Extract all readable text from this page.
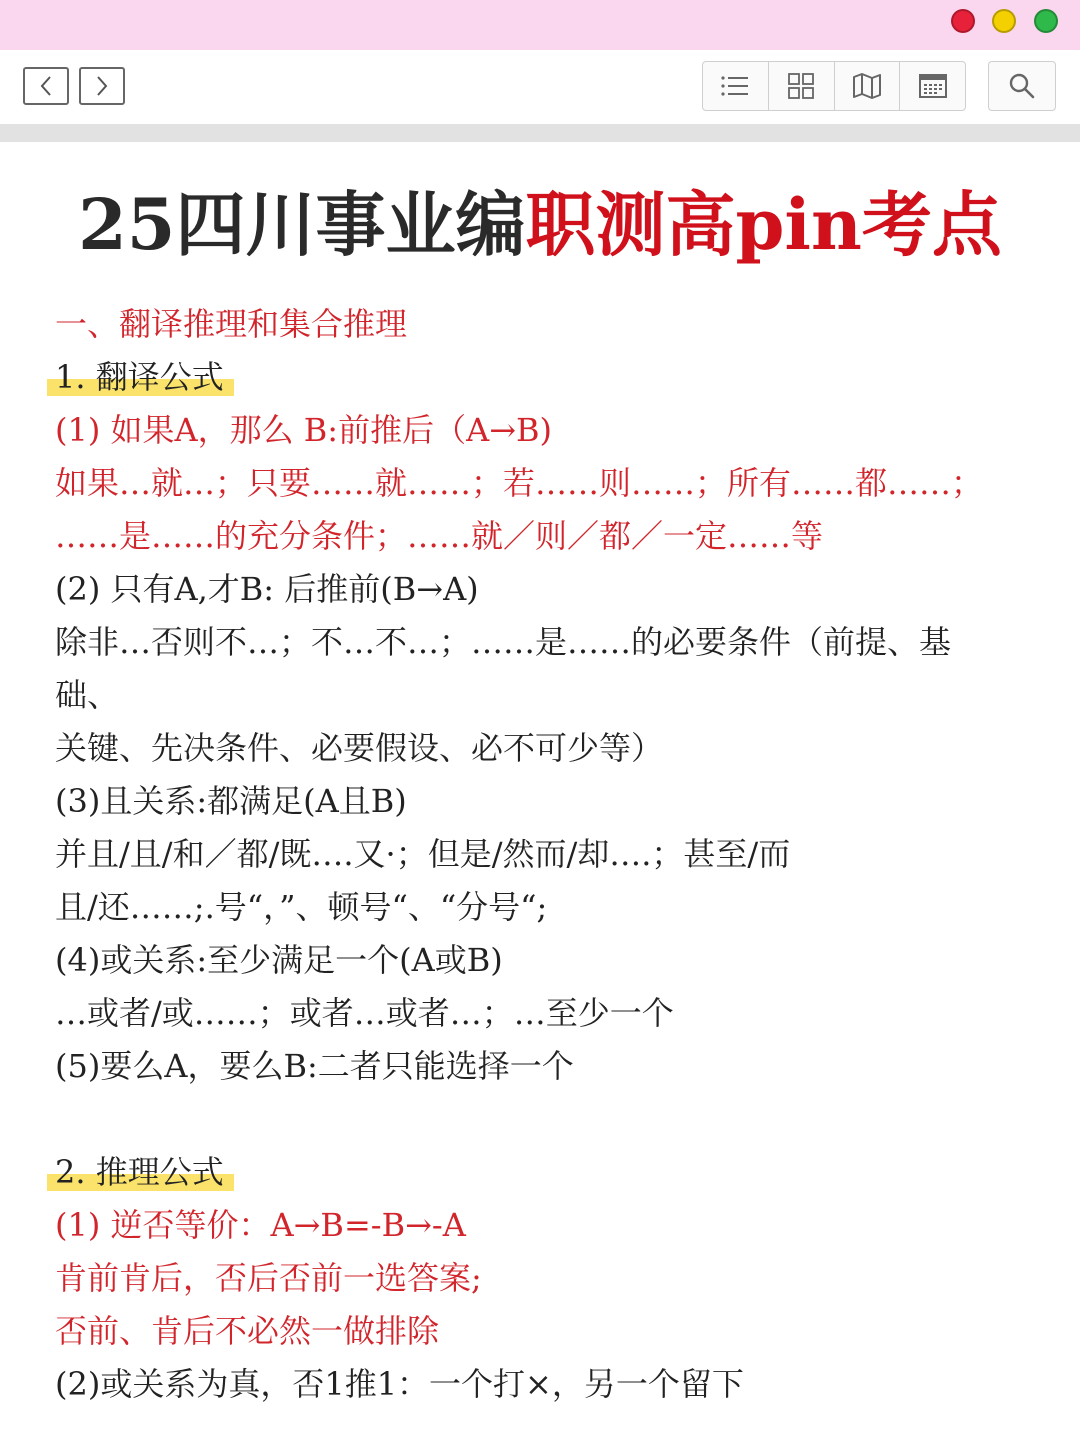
25四川事业编职测高pin考点
一、翻译推理和集合推理
1. 翻译公式
(1) 如果A，那么 B:前推后（A→B)
如果…就…；只要……就……；若……则……；所有……都……；
……是……的充分条件；……就／则／都／一定……等
(2) 只有A,才B: 后推前(B→A)
除非…否则不…；不…不…；……是……的必要条件（前提、基
础、
关键、先决条件、必要假设、必不可少等）
(3)且关系:都满足(A且B)
并且/且/和／都/既….又·；但是/然而/却….；甚至/而
且/还……;.号“，”、顿号“、“分号“;
(4)或关系:至少满足一个(A或B)
…或者/或……；或者…或者…；…至少一个
(5)要么A，要么B:二者只能选择一个
2. 推理公式
(1) 逆否等价：A→B=-B→-A
肯前肯后，否后否前一选答案;
否前、肯后不必然一做排除
(2)或关系为真，否1推1：一个打×，另一个留下
